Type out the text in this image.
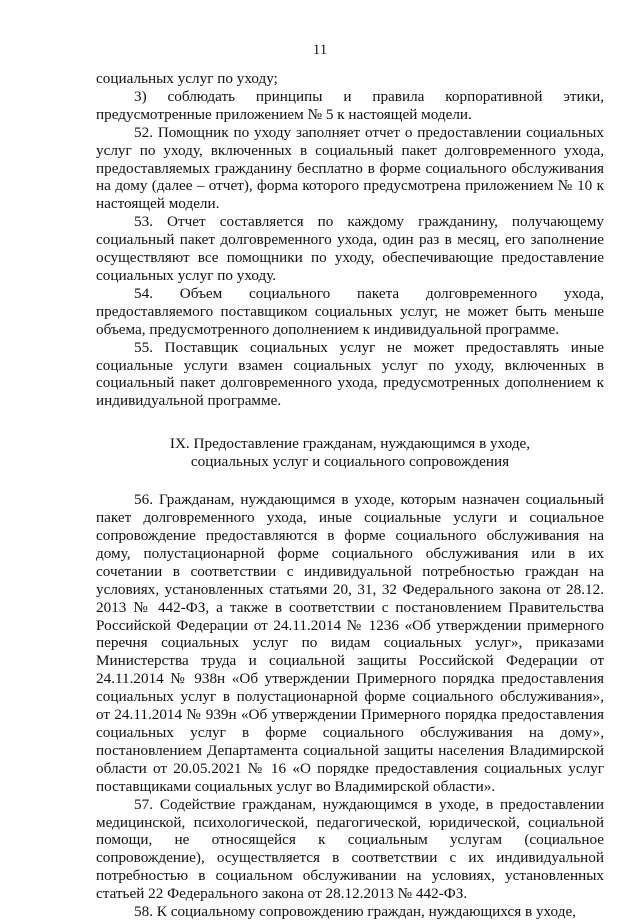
11

социальных услуг по уходу;

3) соблюдать принципы и правила корпоративной этики, предусмотренные приложением № 5 к настоящей модели.

52. Помощник по уходу заполняет отчет о предоставлении социальных услуг по уходу, включенных в социальный пакет долговременного ухода, предоставляемых гражданину бесплатно в форме социального обслуживания на дому (далее – отчет), форма которого предусмотрена приложением № 10 к настоящей модели.

53. Отчет составляется по каждому гражданину, получающему социальный пакет долговременного ухода, один раз в месяц, его заполнение осуществляют все помощники по уходу, обеспечивающие предоставление социальных услуг по уходу.

54. Объем социального пакета долговременного ухода, предоставляемого поставщиком социальных услуг, не может быть меньше объема, предусмотренного дополнением к индивидуальной программе.

55. Поставщик социальных услуг не может предоставлять иные социальные услуги взамен социальных услуг по уходу, включенных в социальный пакет долговременного ухода, предусмотренных дополнением к индивидуальной программе.

IX. Предоставление гражданам, нуждающимся в уходе,
социальных услуг и социального сопровождения

56. Гражданам, нуждающимся в уходе, которым назначен социальный пакет долговременного ухода, иные социальные услуги и социальное сопровождение предоставляются в форме социального обслуживания на дому, полустационарной форме социального обслуживания или в их сочетании в соответствии с индивидуальной потребностью граждан на условиях, установленных статьями 20, 31, 32 Федерального закона от 28.12. 2013 № 442-ФЗ, а также в соответствии с постановлением Правительства Российской Федерации от 24.11.2014 № 1236 «Об утверждении примерного перечня социальных услуг по видам социальных услуг», приказами Министерства труда и социальной защиты Российской Федерации от 24.11.2014 № 938н «Об утверждении Примерного порядка предоставления социальных услуг в полустационарной форме социального обслуживания», от 24.11.2014 № 939н «Об утверждении Примерного порядка предоставления социальных услуг в форме социального обслуживания на дому», постановлением Департамента социальной защиты населения Владимирской области от 20.05.2021 № 16 «О порядке предоставления социальных услуг поставщиками социальных услуг во Владимирской области».

57. Содействие гражданам, нуждающимся в уходе, в предоставлении медицинской, психологической, педагогической, юридической, социальной помощи, не относящейся к социальным услугам (социальное сопровождение), осуществляется в соответствии с их индивидуальной потребностью в социальном обслуживании на условиях, установленных статьей 22 Федерального закона от 28.12.2013 № 442-ФЗ.

58. К социальному сопровождению граждан, нуждающихся в уходе,
